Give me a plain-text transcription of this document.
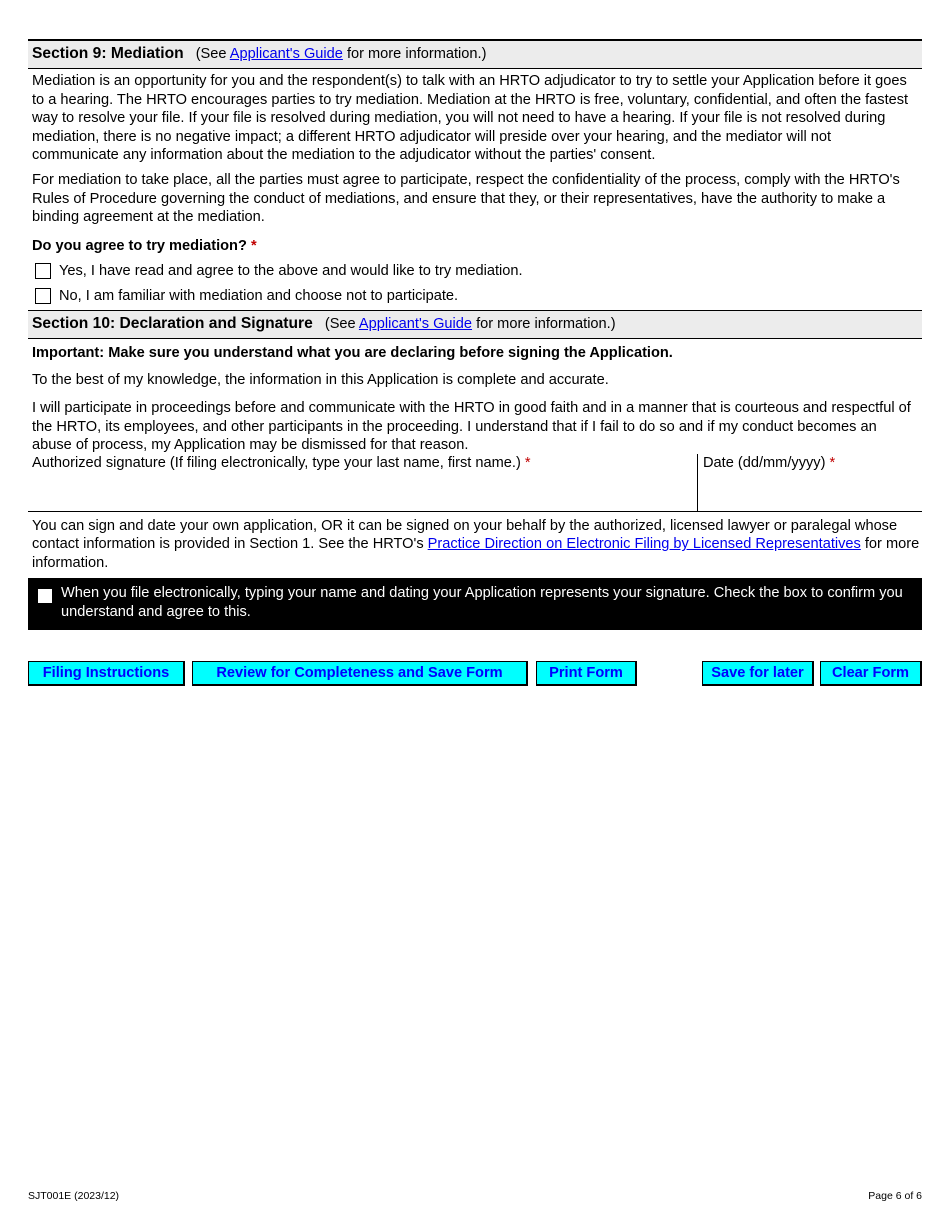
Section 9: Mediation (See Applicant's Guide for more information.)

Mediation is an opportunity for you and the respondent(s) to talk with an HRTO adjudicator to try to settle your Application before it goes to a hearing. The HRTO encourages parties to try mediation. Mediation at the HRTO is free, voluntary, confidential, and often the fastest way to resolve your file. If your file is resolved during mediation, you will not need to have a hearing. If your file is not resolved during mediation, there is no negative impact; a different HRTO adjudicator will preside over your hearing, and the mediator will not communicate any information about the mediation to the adjudicator without the parties' consent.

For mediation to take place, all the parties must agree to participate, respect the confidentiality of the process, comply with the HRTO's Rules of Procedure governing the conduct of mediations, and ensure that they, or their representatives, have the authority to make a binding agreement at the mediation.

Do you agree to try mediation? *

Yes, I have read and agree to the above and would like to try mediation.
No, I am familiar with mediation and choose not to participate.
Section 10: Declaration and Signature (See Applicant's Guide for more information.)

Important: Make sure you understand what you are declaring before signing the Application.

To the best of my knowledge, the information in this Application is complete and accurate.

I will participate in proceedings before and communicate with the HRTO in good faith and in a manner that is courteous and respectful of the HRTO, its employees, and other participants in the proceeding. I understand that if I fail to do so and if my conduct becomes an abuse of process, my Application may be dismissed for that reason.

Authorized signature (If filing electronically, type your last name, first name.) *	Date (dd/mm/yyyy) *

You can sign and date your own application, OR it can be signed on your behalf by the authorized, licensed lawyer or paralegal whose contact information is provided in Section 1. See the HRTO's Practice Direction on Electronic Filing by Licensed Representatives for more information.

When you file electronically, typing your name and dating your Application represents your signature. Check the box to confirm you understand and agree to this.
Filing Instructions	Review for Completeness and Save Form	Print Form	Save for later	Clear Form
SJT001E (2023/12)	Page 6 of 6
